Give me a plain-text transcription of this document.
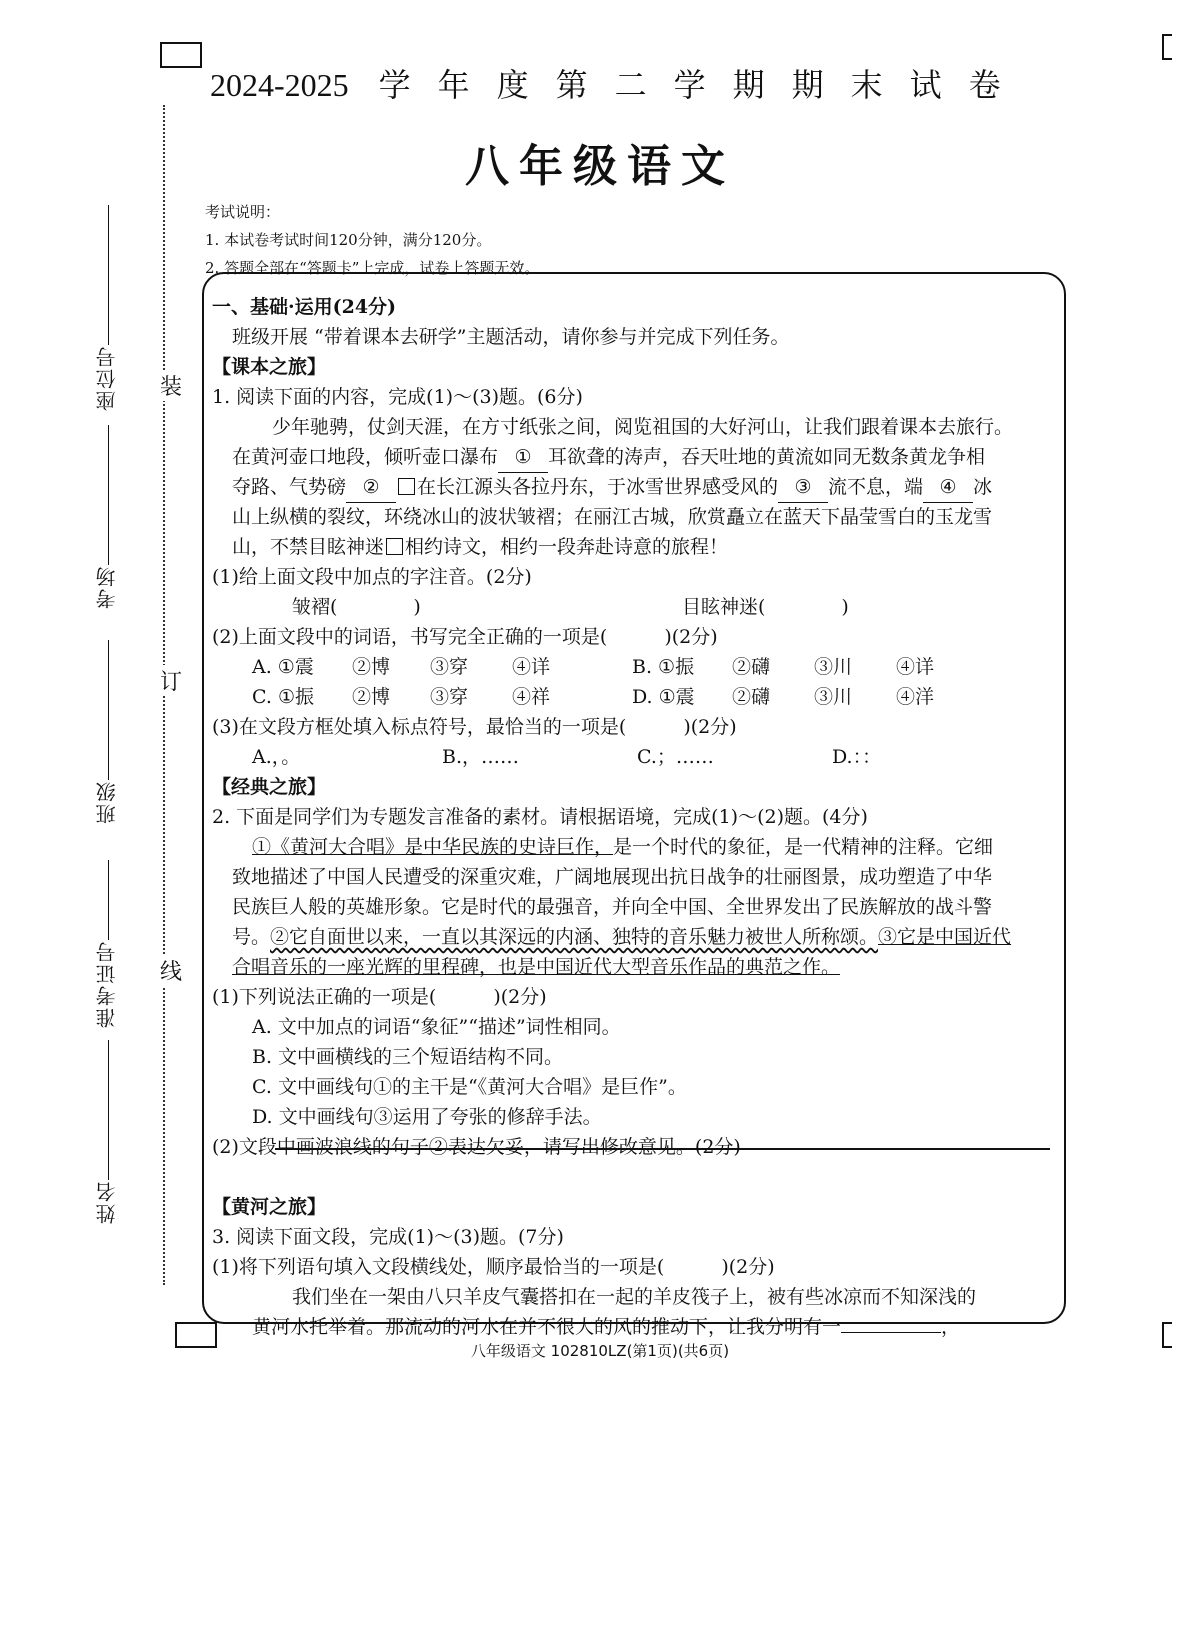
座位号
考场
班级
准考证号
姓名
装
订
线
2024-2025 学年度第二学期期末试卷
八年级语文
考试说明：
1. 本试卷考试时间120分钟，满分120分。
2. 答题全部在“答题卡”上完成，试卷上答题无效。
一、基础·运用(24分)
班级开展 “带着课本去研学”主题活动，请你参与并完成下列任务。
【课本之旅】
1. 阅读下面的内容，完成(1)～(3)题。(6分)
少年驰骋，仗剑天涯，在方寸纸张之间，阅览祖国的大好河山，让我们跟着课本去旅行。
在黄河壶口地段，倾听壶口瀑布 ① 耳欲聋的涛声，吞天吐地的黄流如同无数条黄龙争相
夺路、气势磅 ② 在长江源头各拉丹东，于冰雪世界感受风的 ③ 流不息，端 ④ 冰
山上纵横的裂纹，环绕冰山的波状皱褶；在丽江古城，欣赏矗立在蓝天下晶莹雪白的玉龙雪
山，不禁目眩神迷 相约诗文，相约一段奔赴诗意的旅程！
(1)给上面文段中加点的字注音。(2分)
皱褶(　　　　)	目眩神迷(　　　　)
(2)上面文段中的词语，书写完全正确的一项是(　　　)(2分)
A. ①震 ②博 ③穿 ④详	B. ①振 ②礴 ③川 ④详
C. ①振 ②博 ③穿 ④祥	D. ①震 ②礴 ③川 ④洋
(3)在文段方框处填入标点符号，最恰当的一项是(　　　)(2分)
A.，。	B.，……	C.；……	D.：：
【经典之旅】
2. 下面是同学们为专题发言准备的素材。请根据语境，完成(1)～(2)题。(4分)
①《黄河大合唱》是中华民族的史诗巨作，是一个时代的象征，是一代精神的注释。它细
致地描述了中国人民遭受的深重灾难，广阔地展现出抗日战争的壮丽图景，成功塑造了中华
民族巨人般的英雄形象。它是时代的最强音，并向全中国、全世界发出了民族解放的战斗警
号。②它自面世以来，一直以其深远的内涵、独特的音乐魅力被世人所称颂。③它是中国近代
合唱音乐的一座光辉的里程碑，也是中国近代大型音乐作品的典范之作。
(1)下列说法正确的一项是(　　　)(2分)
A. 文中加点的词语“象征”“描述”词性相同。
B. 文中画横线的三个短语结构不同。
C. 文中画线句①的主干是“《黄河大合唱》是巨作”。
D. 文中画线句③运用了夸张的修辞手法。
(2)文段中画波浪线的句子②表达欠妥，请写出修改意见。(2分)
【黄河之旅】
3. 阅读下面文段，完成(1)～(3)题。(7分)
(1)将下列语句填入文段横线处，顺序最恰当的一项是(　　　)(2分)
我们坐在一架由八只羊皮气囊搭扣在一起的羊皮筏子上，被有些冰凉而不知深浅的
黄河水托举着。那流动的河水在并不很大的风的推动下，让我分明有一	，
八年级语文 102810LZ(第1页)(共6页)
